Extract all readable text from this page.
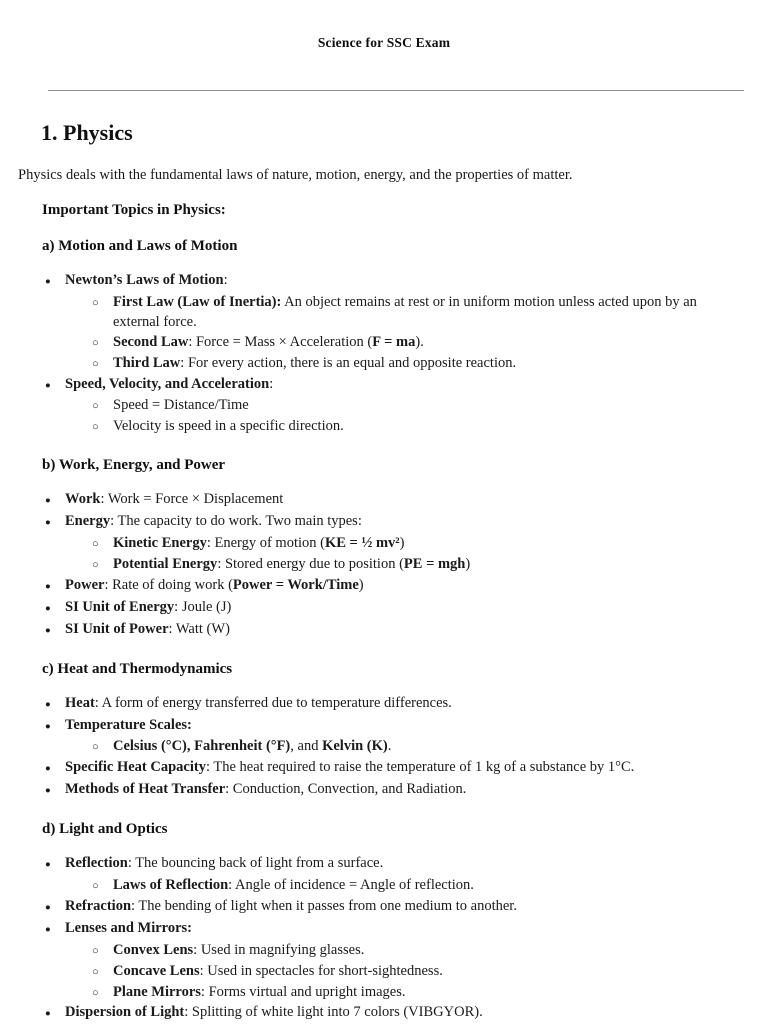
Science for SSC Exam
1. Physics

Physics deals with the fundamental laws of nature, motion, energy, and the properties of matter.

Important Topics in Physics:
a) Motion and Laws of Motion
● Newton’s Laws of Motion:
○ First Law (Law of Inertia): An object remains at rest or in uniform motion unless acted upon by an external force.
○ Second Law: Force = Mass × Acceleration (F = ma).
○ Third Law: For every action, there is an equal and opposite reaction.
● Speed, Velocity, and Acceleration:
○ Speed = Distance/Time
○ Velocity is speed in a specific direction.
b) Work, Energy, and Power
● Work: Work = Force × Displacement
● Energy: The capacity to do work. Two main types:
○ Kinetic Energy: Energy of motion (KE = ½ mv²)
○ Potential Energy: Stored energy due to position (PE = mgh)
● Power: Rate of doing work (Power = Work/Time)
● SI Unit of Energy: Joule (J)
● SI Unit of Power: Watt (W)
c) Heat and Thermodynamics
● Heat: A form of energy transferred due to temperature differences.
● Temperature Scales:
○ Celsius (°C), Fahrenheit (°F), and Kelvin (K).
● Specific Heat Capacity: The heat required to raise the temperature of 1 kg of a substance by 1°C.
● Methods of Heat Transfer: Conduction, Convection, and Radiation.
d) Light and Optics
● Reflection: The bouncing back of light from a surface.
○ Laws of Reflection: Angle of incidence = Angle of reflection.
● Refraction: The bending of light when it passes from one medium to another.
● Lenses and Mirrors:
○ Convex Lens: Used in magnifying glasses.
○ Concave Lens: Used in spectacles for short-sightedness.
○ Plane Mirrors: Forms virtual and upright images.
● Dispersion of Light: Splitting of white light into 7 colors (VIBGYOR).
